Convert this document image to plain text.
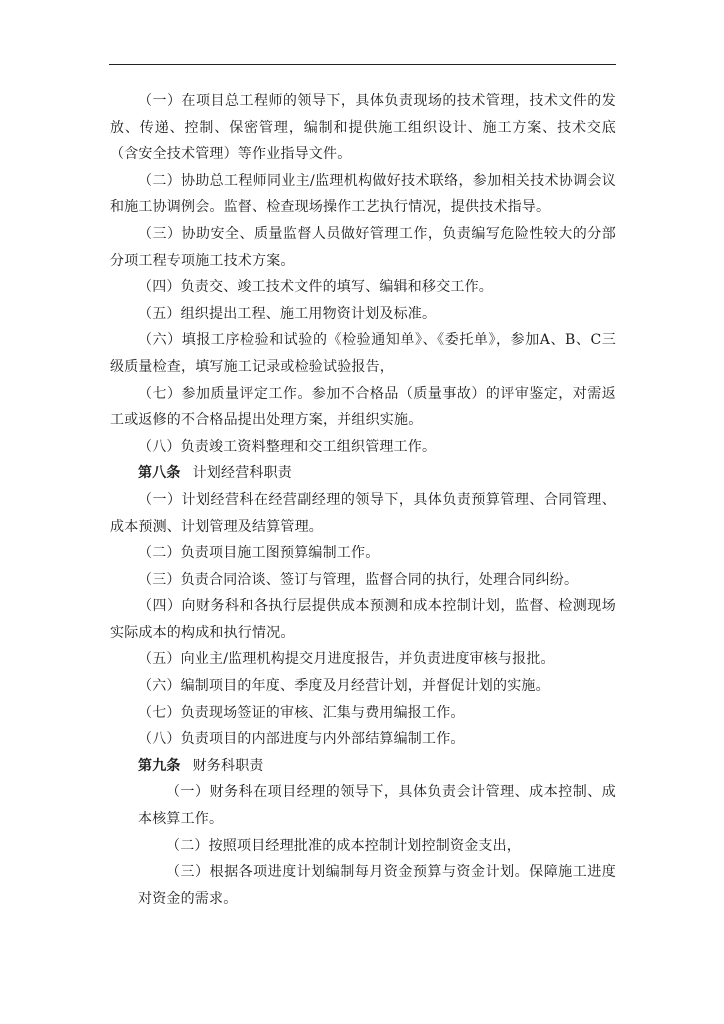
（一）在项目总工程师的领导下，具体负责现场的技术管理，技术文件的发放、传递、控制、保密管理，编制和提供施工组织设计、施工方案、技术交底（含安全技术管理）等作业指导文件。

（二）协助总工程师同业主/监理机构做好技术联络，参加相关技术协调会议和施工协调例会。监督、检查现场操作工艺执行情况，提供技术指导。

（三）协助安全、质量监督人员做好管理工作，负责编写危险性较大的分部分项工程专项施工技术方案。

（四）负责交、竣工技术文件的填写、编辑和移交工作。

（五）组织提出工程、施工用物资计划及标准。

（六）填报工序检验和试验的《检验通知单》、《委托单》，参加A、B、C三级质量检查，填写施工记录或检验试验报告，

（七）参加质量评定工作。参加不合格品（质量事故）的评审鉴定，对需返工或返修的不合格品提出处理方案，并组织实施。

（八）负责竣工资料整理和交工组织管理工作。

第八条 计划经营科职责

（一）计划经营科在经营副经理的领导下，具体负责预算管理、合同管理、成本预测、计划管理及结算管理。

（二）负责项目施工图预算编制工作。

（三）负责合同洽谈、签订与管理，监督合同的执行，处理合同纠纷。

（四）向财务科和各执行层提供成本预测和成本控制计划，监督、检测现场实际成本的构成和执行情况。

（五）向业主/监理机构提交月进度报告，并负责进度审核与报批。

（六）编制项目的年度、季度及月经营计划，并督促计划的实施。

（七）负责现场签证的审核、汇集与费用编报工作。

（八）负责项目的内部进度与内外部结算编制工作。

第九条 财务科职责

（一）财务科在项目经理的领导下，具体负责会计管理、成本控制、成本核算工作。

（二）按照项目经理批准的成本控制计划控制资金支出，

（三）根据各项进度计划编制每月资金预算与资金计划。保障施工进度对资金的需求。
